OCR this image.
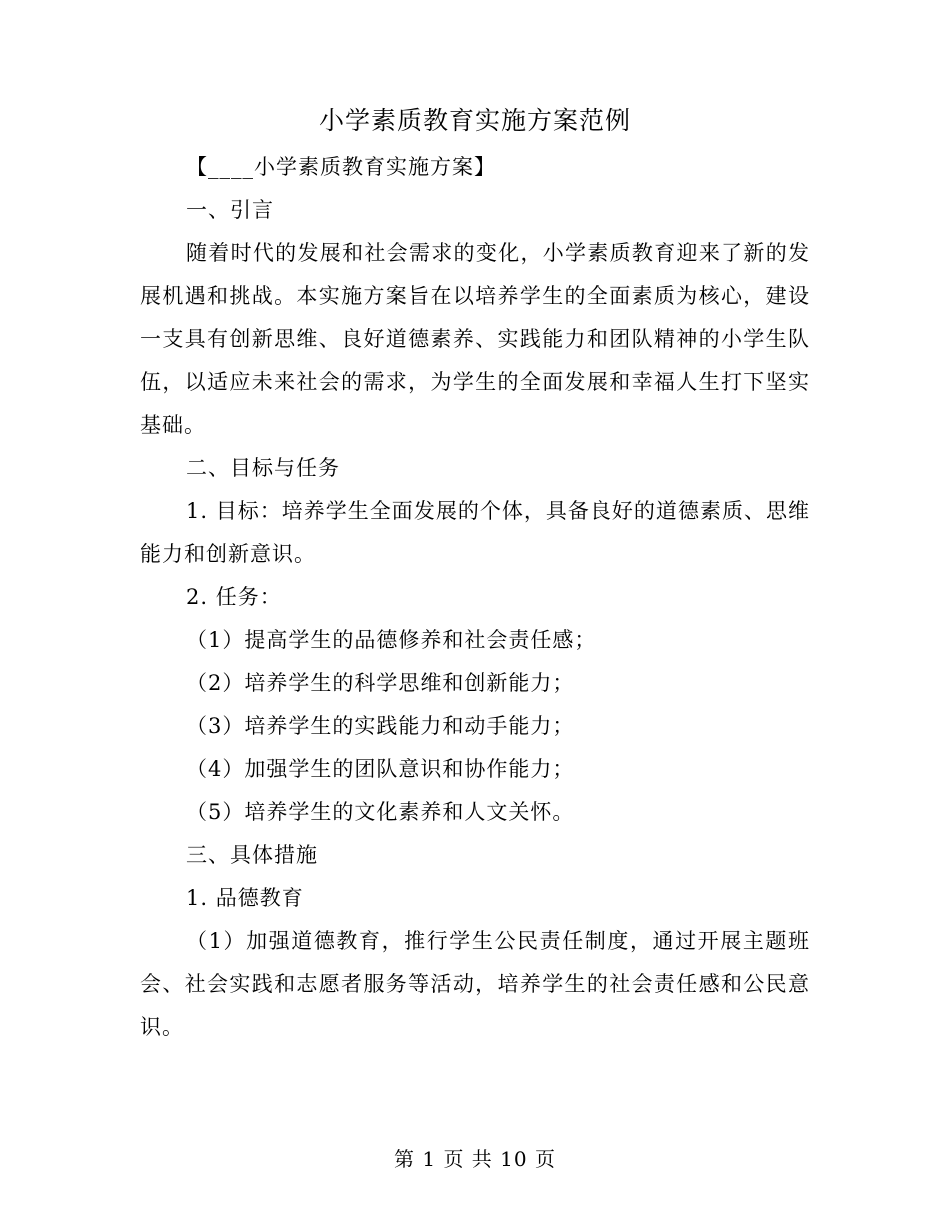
小学素质教育实施方案范例

【____小学素质教育实施方案】

一、引言

随着时代的发展和社会需求的变化，小学素质教育迎来了新的发展机遇和挑战。本实施方案旨在以培养学生的全面素质为核心，建设一支具有创新思维、良好道德素养、实践能力和团队精神的小学生队伍，以适应未来社会的需求，为学生的全面发展和幸福人生打下坚实基础。

二、目标与任务

1. 目标：培养学生全面发展的个体，具备良好的道德素质、思维能力和创新意识。

2. 任务：

（1）提高学生的品德修养和社会责任感；

（2）培养学生的科学思维和创新能力；

（3）培养学生的实践能力和动手能力；

（4）加强学生的团队意识和协作能力；

（5）培养学生的文化素养和人文关怀。

三、具体措施

1. 品德教育

（1）加强道德教育，推行学生公民责任制度，通过开展主题班会、社会实践和志愿者服务等活动，培养学生的社会责任感和公民意识。

第 1 页 共 10 页
